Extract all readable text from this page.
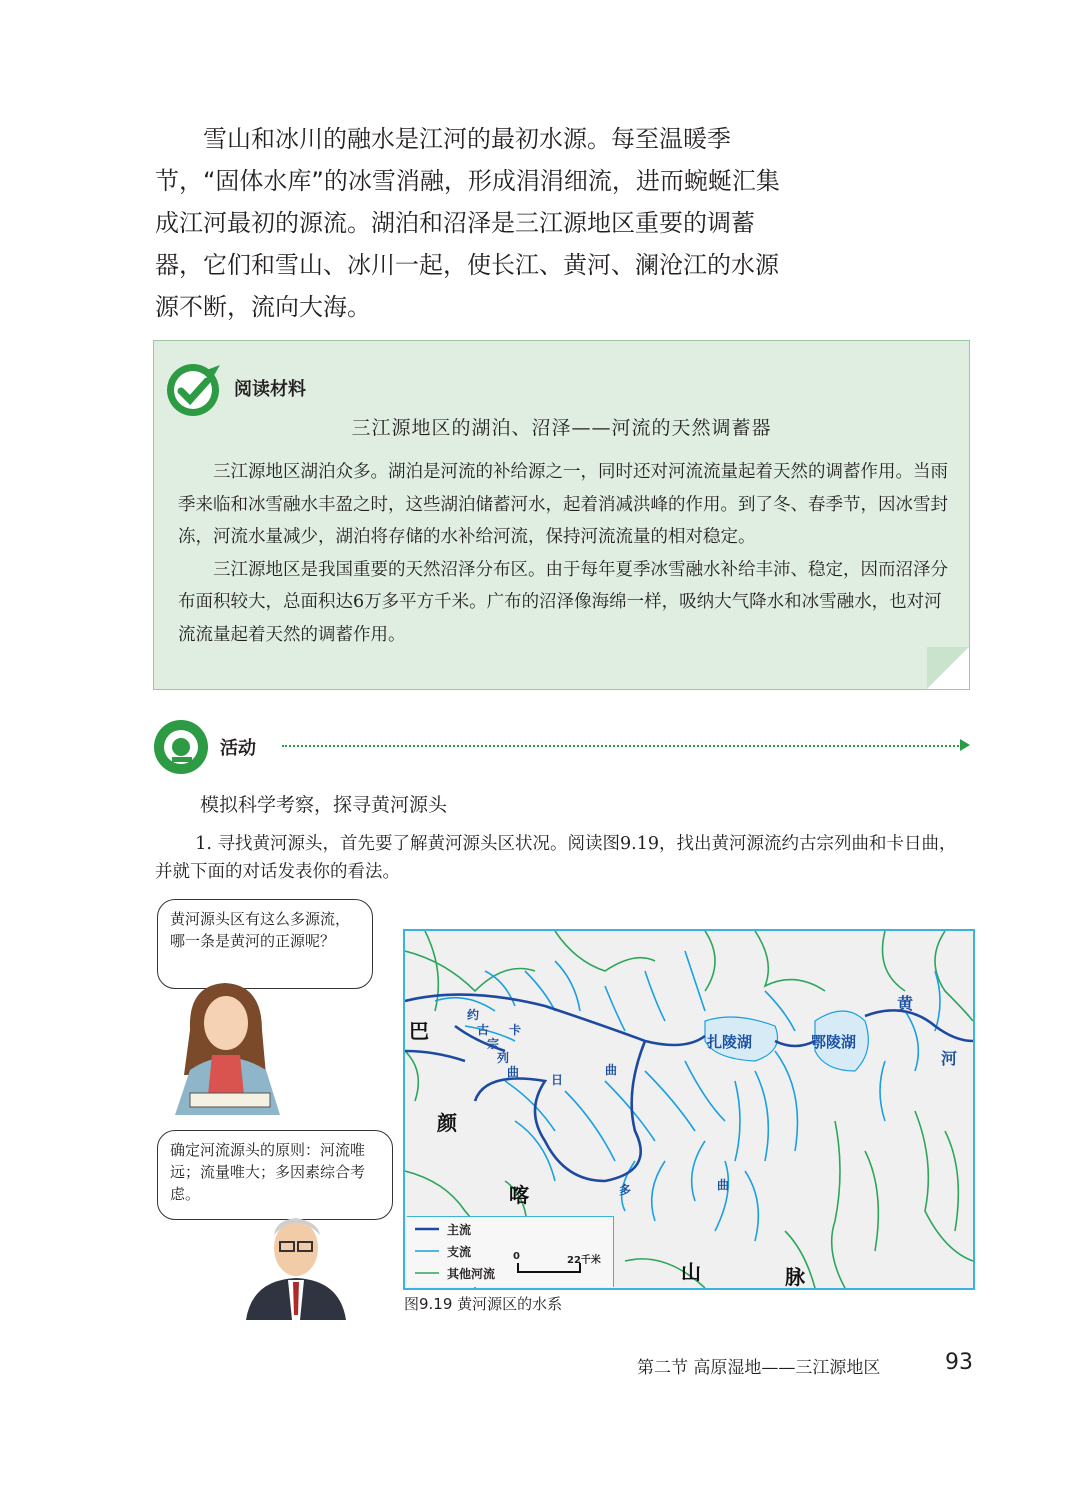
雪山和冰川的融水是江河的最初水源。每至温暖季节，“固体水库”的冰雪消融，形成涓涓细流，进而蜿蜒汇集成江河最初的源流。湖泊和沼泽是三江源地区重要的调蓄器，它们和雪山、冰川一起，使长江、黄河、澜沧江的水源源不断，流向大海。

阅读材料
三江源地区的湖泊、沼泽——河流的天然调蓄器

三江源地区湖泊众多。湖泊是河流的补给源之一，同时还对河流流量起着天然的调蓄作用。当雨季来临和冰雪融水丰盈之时，这些湖泊储蓄河水，起着消减洪峰的作用。到了冬、春季节，因冰雪封冻，河流水量减少，湖泊将存储的水补给河流，保持河流流量的相对稳定。

三江源地区是我国重要的天然沼泽分布区。由于每年夏季冰雪融水补给丰沛、稳定，因而沼泽分布面积较大，总面积达6万多平方千米。广布的沼泽像海绵一样，吸纳大气降水和冰雪融水，也对河流流量起着天然的调蓄作用。

活动
模拟科学考察，探寻黄河源头
1. 寻找黄河源头，首先要了解黄河源头区状况。阅读图9.19，找出黄河源流约古宗列曲和卡日曲，并就下面的对话发表你的看法。
黄河源头区有这么多源流，哪一条是黄河的正源呢？
确定河流源头的原则：河流唯远；流量唯大；多因素综合考虑。
巴
颜
喀
山	脉
黄
河
约
古
宗
列
曲
卡
日
曲
多	曲
扎陵湖	鄂陵湖
主流
支流
其他河流
0	22千米
图9.19 黄河源区的水系
第二节 高原湿地——三江源地区	93
